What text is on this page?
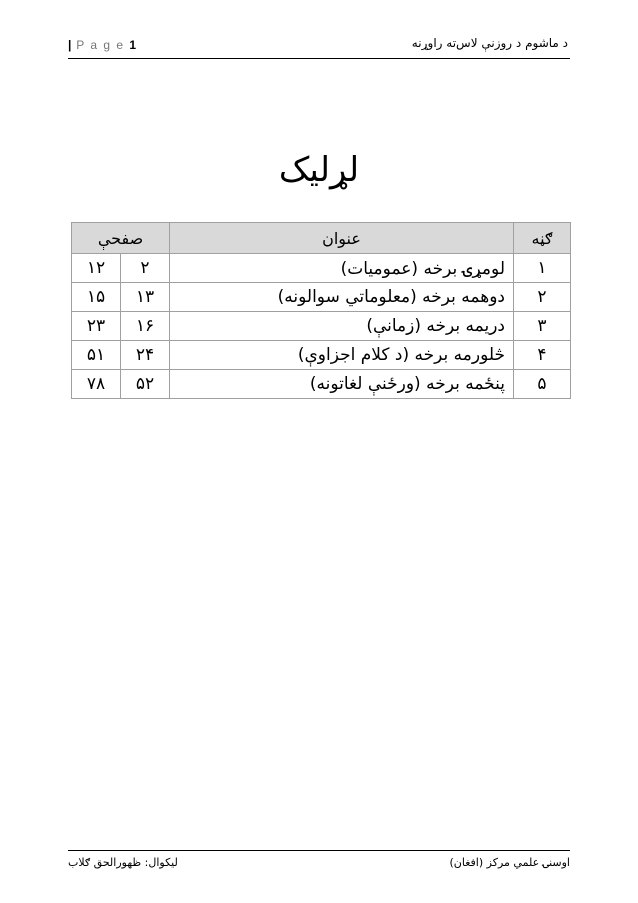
| P a g e 1	د ماشوم‌ د روزنې لاس‌ته راوړنه
لړليک
ګڼه	عنوان	صفحې	
۱	لومړۍ برخه (عموميات)	۲	۱۲
۲	دوهمه برخه (معلوماتي سوالونه)	۱۳	۱۵
۳	دريمه برخه (زمانې)	۱۶	۲۳
۴	څلورمه برخه (د کلام اجزاوې)	۲۴	۵۱
۵	پنځمه برخه (ورځنې لغاتونه)	۵۲	۷۸
ليکوال: ظهورالحق ګلاب	اوسنۍ علمي مرکز (افغان)
